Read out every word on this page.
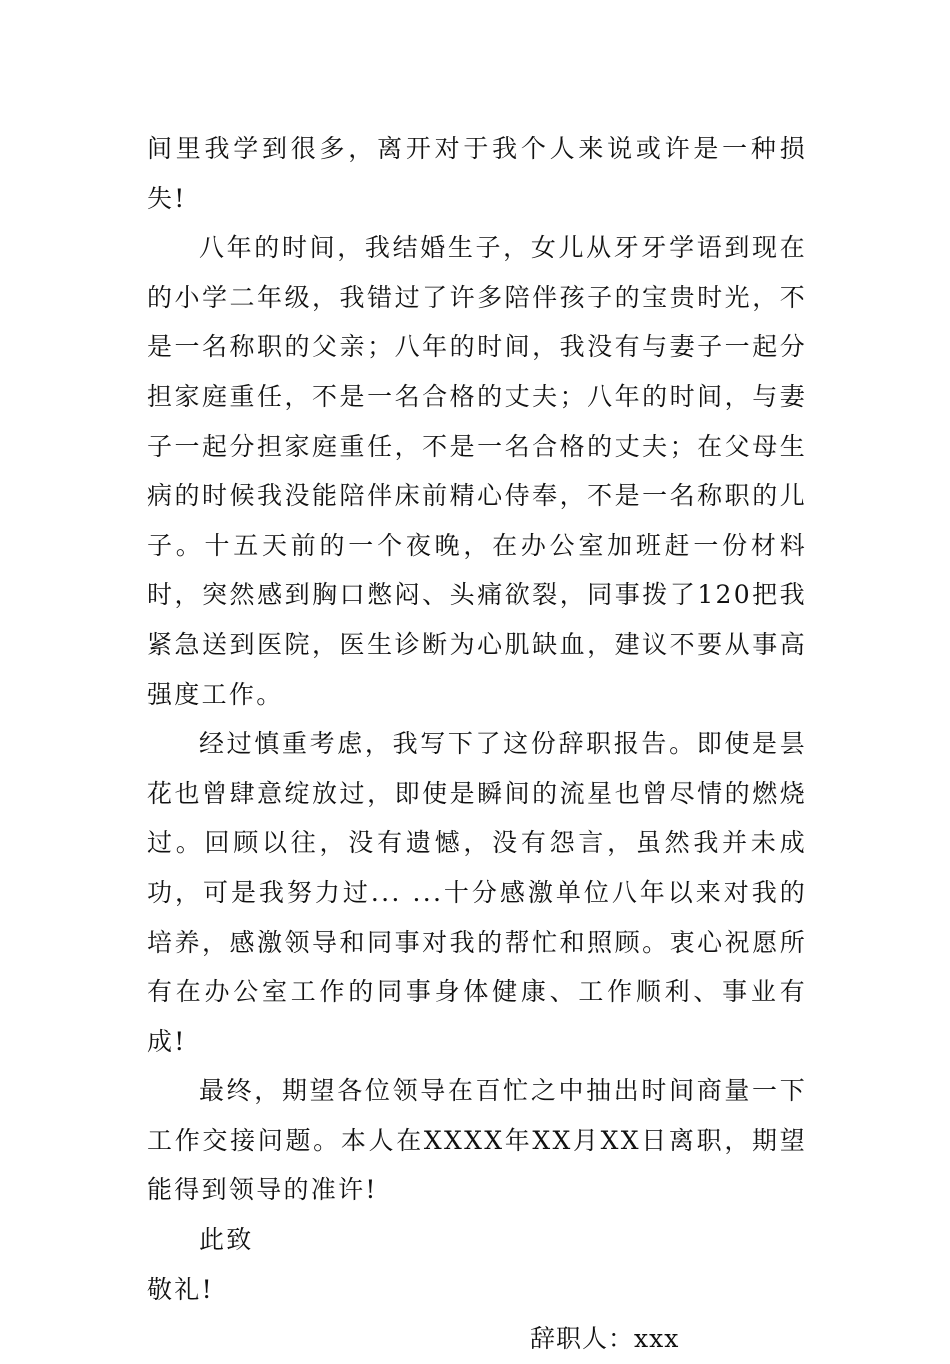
间里我学到很多，离开对于我个人来说或许是一种损失!

八年的时间，我结婚生子，女儿从牙牙学语到现在的小学二年级，我错过了许多陪伴孩子的宝贵时光，不是一名称职的父亲；八年的时间，我没有与妻子一起分担家庭重任，不是一名合格的丈夫；八年的时间，与妻子一起分担家庭重任，不是一名合格的丈夫；在父母生病的时候我没能陪伴床前精心侍奉，不是一名称职的儿子。十五天前的一个夜晚，在办公室加班赶一份材料时，突然感到胸口憋闷、头痛欲裂，同事拨了120把我紧急送到医院，医生诊断为心肌缺血，建议不要从事高强度工作。

经过慎重考虑，我写下了这份辞职报告。即使是昙花也曾肆意绽放过，即使是瞬间的流星也曾尽情的燃烧过。回顾以往，没有遗憾，没有怨言，虽然我并未成功，可是我努力过... ...十分感激单位八年以来对我的培养，感激领导和同事对我的帮忙和照顾。衷心祝愿所有在办公室工作的同事身体健康、工作顺利、事业有成!

最终，期望各位领导在百忙之中抽出时间商量一下工作交接问题。本人在XXXX年XX月XX日离职，期望能得到领导的准许!

此致

敬礼!

辞职人：xxx
